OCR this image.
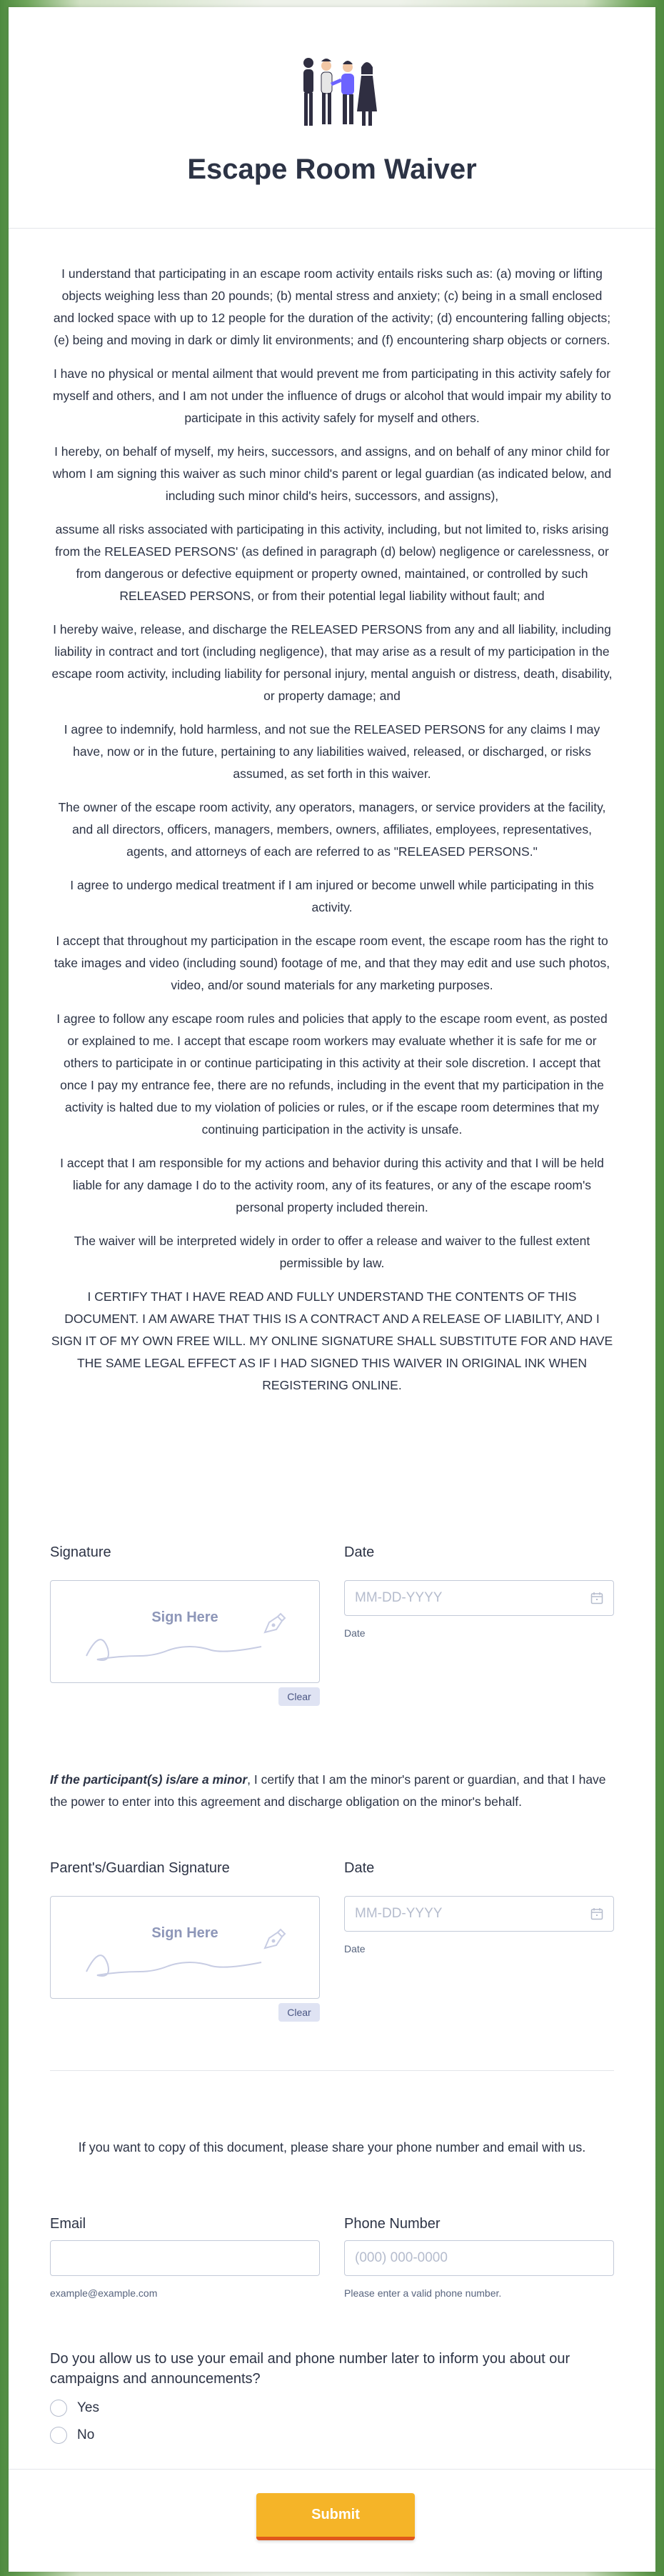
Escape Room Waiver

I understand that participating in an escape room activity entails risks such as: (a) moving or lifting objects weighing less than 20 pounds; (b) mental stress and anxiety; (c) being in a small enclosed and locked space with up to 12 people for the duration of the activity; (d) encountering falling objects; (e) being and moving in dark or dimly lit environments; and (f) encountering sharp objects or corners.

I have no physical or mental ailment that would prevent me from participating in this activity safely for myself and others, and I am not under the influence of drugs or alcohol that would impair my ability to participate in this activity safely for myself and others.

I hereby, on behalf of myself, my heirs, successors, and assigns, and on behalf of any minor child for whom I am signing this waiver as such minor child's parent or legal guardian (as indicated below, and including such minor child's heirs, successors, and assigns),

assume all risks associated with participating in this activity, including, but not limited to, risks arising from the RELEASED PERSONS' (as defined in paragraph (d) below) negligence or carelessness, or from dangerous or defective equipment or property owned, maintained, or controlled by such RELEASED PERSONS, or from their potential legal liability without fault; and

I hereby waive, release, and discharge the RELEASED PERSONS from any and all liability, including liability in contract and tort (including negligence), that may arise as a result of my participation in the escape room activity, including liability for personal injury, mental anguish or distress, death, disability, or property damage; and

I agree to indemnify, hold harmless, and not sue the RELEASED PERSONS for any claims I may have, now or in the future, pertaining to any liabilities waived, released, or discharged, or risks assumed, as set forth in this waiver.

The owner of the escape room activity, any operators, managers, or service providers at the facility, and all directors, officers, managers, members, owners, affiliates, employees, representatives, agents, and attorneys of each are referred to as "RELEASED PERSONS."

I agree to undergo medical treatment if I am injured or become unwell while participating in this activity.

I accept that throughout my participation in the escape room event, the escape room has the right to take images and video (including sound) footage of me, and that they may edit and use such photos, video, and/or sound materials for any marketing purposes.

I agree to follow any escape room rules and policies that apply to the escape room event, as posted or explained to me. I accept that escape room workers may evaluate whether it is safe for me or others to participate in or continue participating in this activity at their sole discretion. I accept that once I pay my entrance fee, there are no refunds, including in the event that my participation in the activity is halted due to my violation of policies or rules, or if the escape room determines that my continuing participation in the activity is unsafe.

I accept that I am responsible for my actions and behavior during this activity and that I will be held liable for any damage I do to the activity room, any of its features, or any of the escape room's personal property included therein.

The waiver will be interpreted widely in order to offer a release and waiver to the fullest extent permissible by law.

I CERTIFY THAT I HAVE READ AND FULLY UNDERSTAND THE CONTENTS OF THIS DOCUMENT. I AM AWARE THAT THIS IS A CONTRACT AND A RELEASE OF LIABILITY, AND I SIGN IT OF MY OWN FREE WILL. MY ONLINE SIGNATURE SHALL SUBSTITUTE FOR AND HAVE THE SAME LEGAL EFFECT AS IF I HAD SIGNED THIS WAIVER IN ORIGINAL INK WHEN REGISTERING ONLINE.

Signature
Sign Here
Clear
Date
MM-DD-YYYY
Date
If the participant(s) is/are a minor, I certify that I am the minor's parent or guardian, and that I have the power to enter into this agreement and discharge obligation on the minor's behalf.
Parent's/Guardian Signature
Sign Here
Clear
Date
MM-DD-YYYY
Date
If you want to copy of this document, please share your phone number and email with us.
Email
example@example.com
Phone Number
(000) 000-0000
Please enter a valid phone number.
Do you allow us to use your email and phone number later to inform you about our campaigns and announcements?
Yes
No
Submit
